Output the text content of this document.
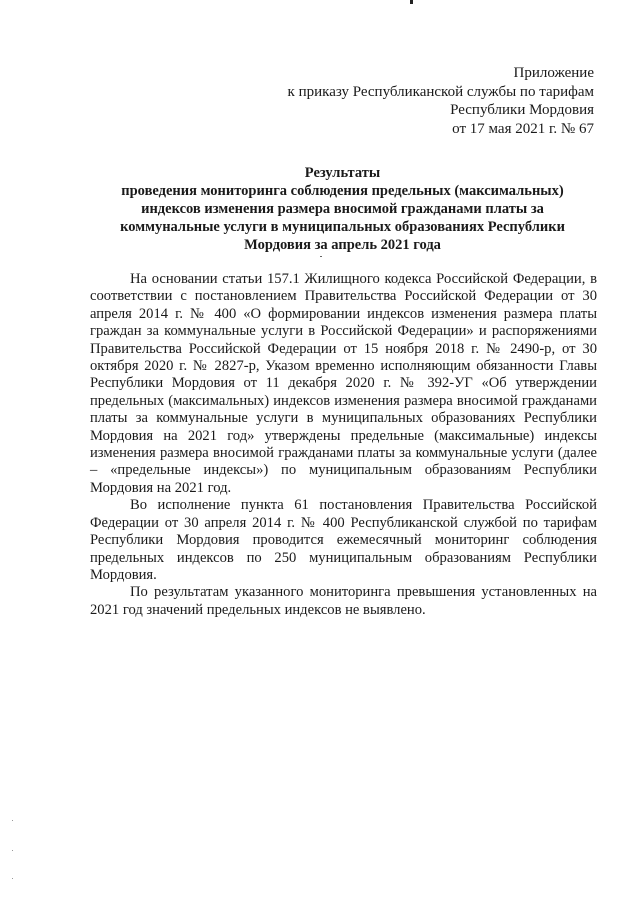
Приложение
к приказу Республиканской службы по тарифам
Республики Мордовия
от 17 мая 2021 г. № 67
Результаты
проведения мониторинга соблюдения предельных (максимальных)
индексов изменения размера вносимой гражданами платы за
коммунальные услуги в муниципальных образованиях Республики
Мордовия за апрель 2021 года

На основании статьи 157.1 Жилищного кодекса Российской Федерации, в соответствии с постановлением Правительства Российской Федерации от 30 апреля 2014 г. № 400 «О формировании индексов изменения размера платы граждан за коммунальные услуги в Российской Федерации» и распоряжениями Правительства Российской Федерации от 15 ноября 2018 г. № 2490-р, от 30 октября 2020 г. № 2827-р, Указом временно исполняющим обязанности Главы Республики Мордовия от 11 декабря 2020 г. № 392-УГ «Об утверждении предельных (максимальных) индексов изменения размера вносимой гражданами платы за коммунальные услуги в муниципальных образованиях Республики Мордовия на 2021 год» утверждены предельные (максимальные) индексы изменения размера вносимой гражданами платы за коммунальные услуги (далее – «предельные индексы») по муниципальным образованиям Республики Мордовия на 2021 год.

Во исполнение пункта 61 постановления Правительства Российской Федерации от 30 апреля 2014 г. № 400 Республиканской службой по тарифам Республики Мордовия проводится ежемесячный мониторинг соблюдения предельных индексов по 250 муниципальным образованиям Республики Мордовия.

По результатам указанного мониторинга превышения установленных на 2021 год значений предельных индексов не выявлено.
